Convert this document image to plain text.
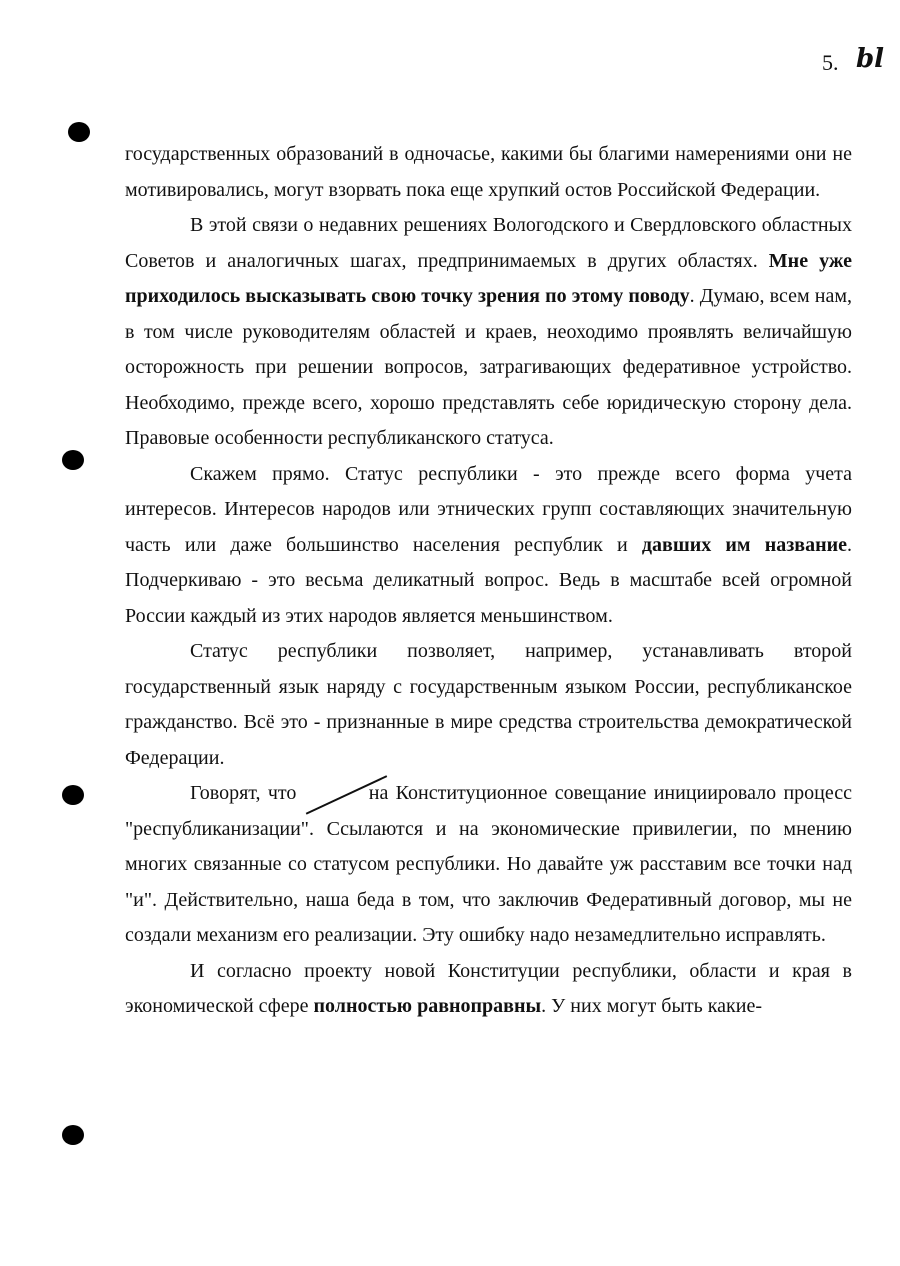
5. bl

государственных образований в одночасье, какими бы благими намерениями они не мотивировались, могут взорвать пока еще хрупкий остов Российской Федерации.

В этой связи о недавних решениях Вологодского и Свердловского областных Советов и аналогичных шагах, предпринимаемых в других областях. Мне уже приходилось высказывать свою точку зрения по этому поводу. Думаю, всем нам, в том числе руководителям областей и краев, неоходимо проявлять величайшую осторожность при решении вопросов, затрагивающих федеративное устройство. Необходимо, прежде всего, хорошо представлять себе юридическую сторону дела. Правовые особенности республиканского статуса.

Скажем прямо. Статус республики - это прежде всего форма учета интересов. Интересов народов или этнических групп составляющих значительную часть или даже большинство населения республик и давших им название. Подчеркиваю - это весьма деликатный вопрос. Ведь в масштабе всей огромной России каждый из этих народов является меньшинством.

Статус республики позволяет, например, устанавливать второй государственный язык наряду с государственным языком России, республиканское гражданство. Всё это - признанные в мире средства строительства демократической Федерации.

Говорят, что	на Конституционное совещание инициировало процесс "республиканизации". Ссылаются и на экономические привилегии, по мнению многих связанные со статусом республики. Но давайте уж расставим все точки над "и". Действительно, наша беда в том, что заключив Федеративный договор, мы не создали механизм его реализации. Эту ошибку надо незамедлительно исправлять.

И согласно проекту новой Конституции республики, области и края в экономической сфере полностью равноправны. У них могут быть какие-
